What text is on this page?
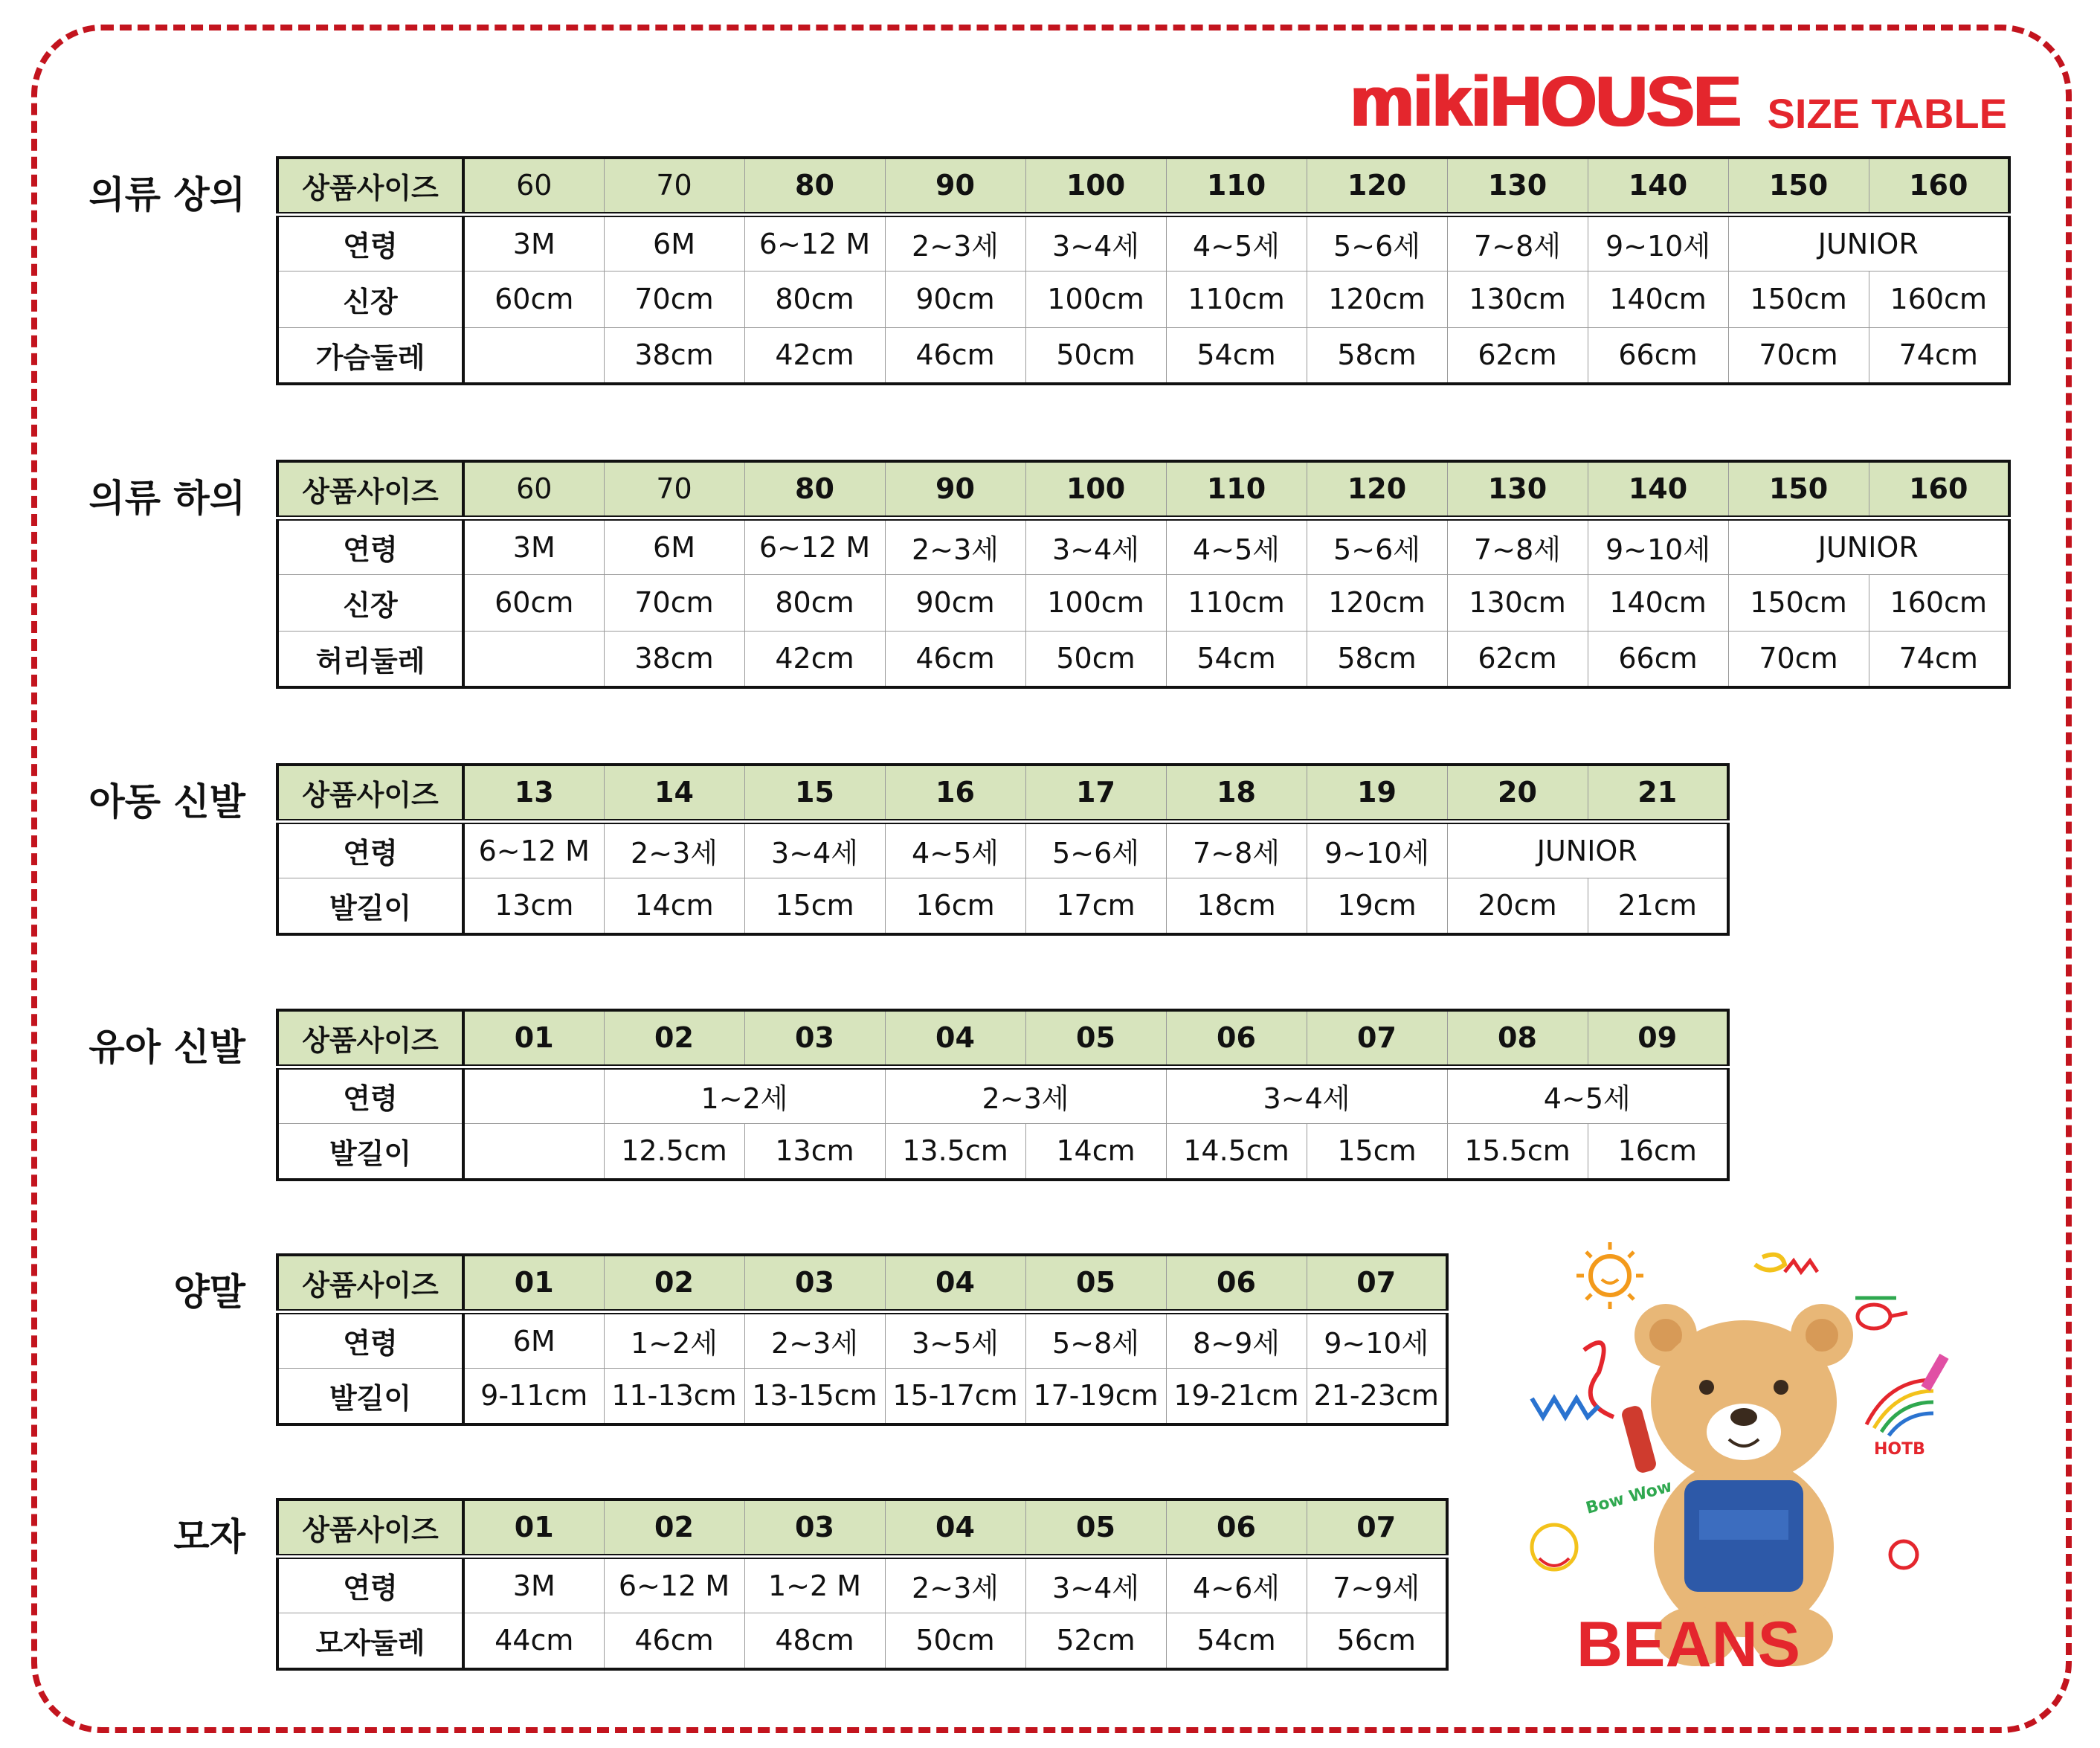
mikiHOUSE SIZE TABLE
의류 상의 상품사이즈	60	70	80	90	100	110	120	130	140	150	160
연령	3M	6M	6~12 M	2~3세	3~4세	4~5세	5~6세	7~8세	9~10세	JUNIOR	
신장	60cm	70cm	80cm	90cm	100cm	110cm	120cm	130cm	140cm	150cm	160cm
가슴둘레		38cm	42cm	46cm	50cm	54cm	58cm	62cm	66cm	70cm	74cm
의류 하의 상품사이즈	60	70	80	90	100	110	120	130	140	150	160
연령	3M	6M	6~12 M	2~3세	3~4세	4~5세	5~6세	7~8세	9~10세	JUNIOR	
신장	60cm	70cm	80cm	90cm	100cm	110cm	120cm	130cm	140cm	150cm	160cm
허리둘레		38cm	42cm	46cm	50cm	54cm	58cm	62cm	66cm	70cm	74cm
아동 신발 상품사이즈	13	14	15	16	17	18	19	20	21
연령	6~12 M	2~3세	3~4세	4~5세	5~6세	7~8세	9~10세	JUNIOR	
발길이	13cm	14cm	15cm	16cm	17cm	18cm	19cm	20cm	21cm
유아 신발 상품사이즈	01	02	03	04	05	06	07	08	09
연령		1~2세		2~3세		3~4세		4~5세	
발길이		12.5cm	13cm	13.5cm	14cm	14.5cm	15cm	15.5cm	16cm
양말 상품사이즈	01	02	03	04	05	06	07
연령	6M	1~2세	2~3세	3~5세	5~8세	8~9세	9~10세
발길이	9-11cm	11-13cm	13-15cm	15-17cm	17-19cm	19-21cm	21-23cm
모자 상품사이즈	01	02	03	04	05	06	07
연령	3M	6~12 M	1~2 M	2~3세	3~4세	4~6세	7~9세
모자둘레	44cm	46cm	48cm	50cm	52cm	54cm	56cm
HOTB
Bow Wow
BEANS
